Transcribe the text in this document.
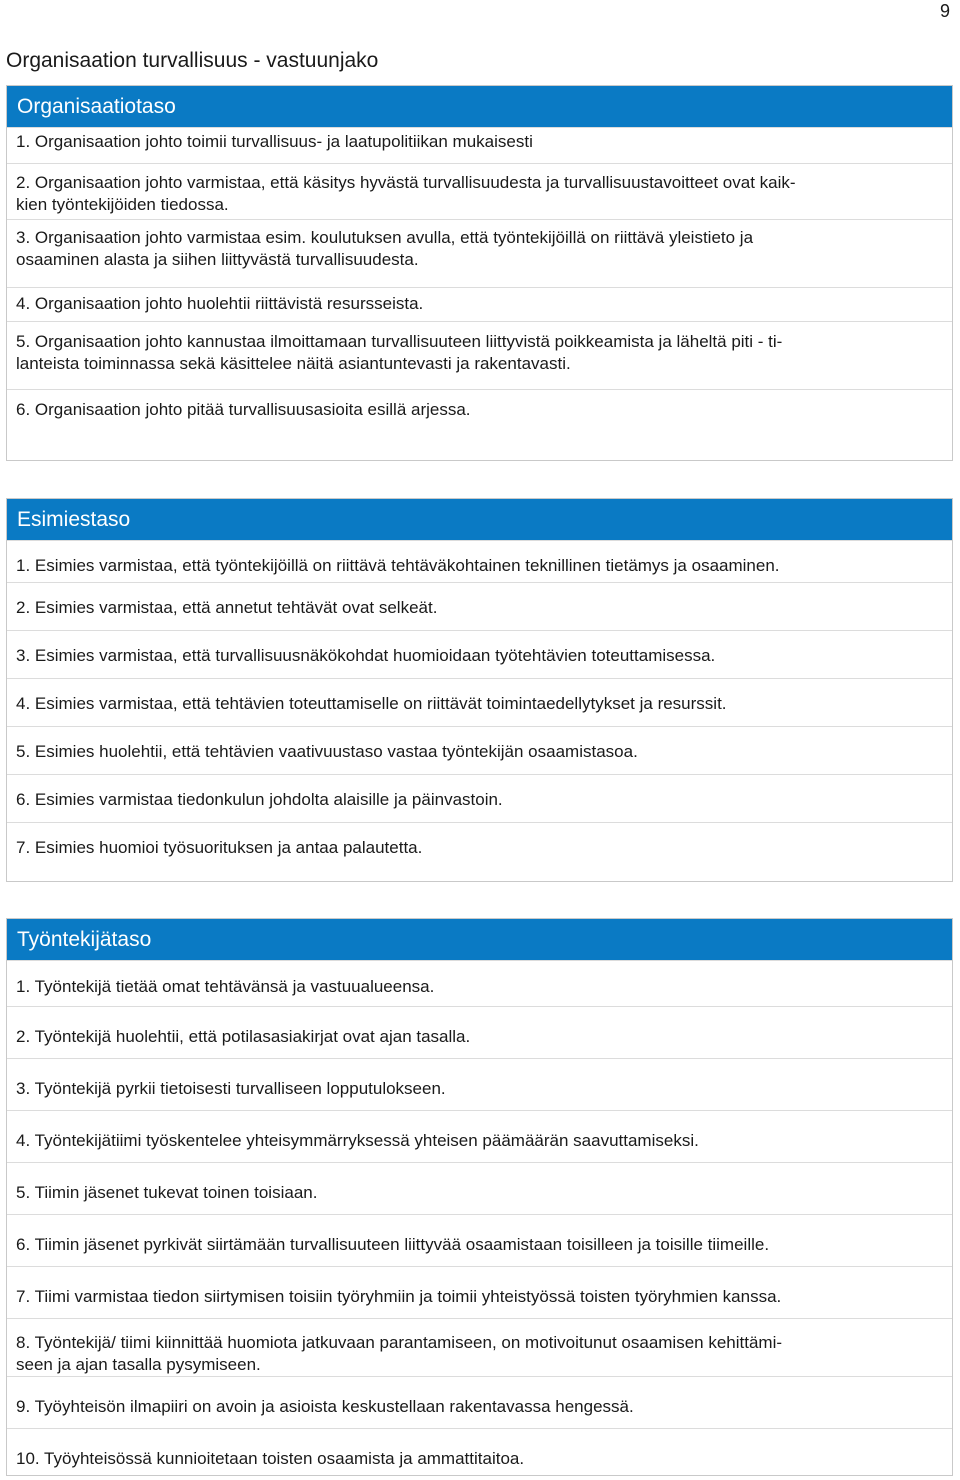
9
Organisaation turvallisuus - vastuunjako
Organisaatiotaso
1. Organisaation johto toimii turvallisuus- ja laatupolitiikan mukaisesti
2. Organisaation johto varmistaa, että käsitys hyvästä turvallisuudesta ja turvallisuustavoitteet ovat kaik-
kien työntekijöiden tiedossa.
3. Organisaation johto varmistaa esim. koulutuksen avulla, että työntekijöillä on riittävä yleistieto ja
osaaminen alasta ja siihen liittyvästä turvallisuudesta.
4. Organisaation johto huolehtii riittävistä resursseista.
5. Organisaation johto kannustaa ilmoittamaan turvallisuuteen liittyvistä poikkeamista ja läheltä piti - ti-
lanteista toiminnassa sekä käsittelee näitä asiantuntevasti ja rakentavasti.
6. Organisaation johto pitää turvallisuusasioita esillä arjessa.
Esimiestaso
1. Esimies varmistaa, että työntekijöillä on riittävä tehtäväkohtainen teknillinen tietämys ja osaaminen.
2. Esimies varmistaa, että annetut tehtävät ovat selkeät.
3. Esimies varmistaa, että turvallisuusnäkökohdat huomioidaan työtehtävien toteuttamisessa.
4. Esimies varmistaa, että tehtävien toteuttamiselle on riittävät toimintaedellytykset ja resurssit.
5. Esimies huolehtii, että tehtävien vaativuustaso vastaa työntekijän osaamistasoa.
6. Esimies varmistaa tiedonkulun johdolta alaisille ja päinvastoin.
7. Esimies huomioi työsuorituksen ja antaa palautetta.
Työntekijätaso
1. Työntekijä tietää omat tehtävänsä ja vastuualueensa.
2. Työntekijä huolehtii, että potilasasiakirjat ovat ajan tasalla.
3. Työntekijä pyrkii tietoisesti turvalliseen lopputulokseen.
4. Työntekijätiimi työskentelee yhteisymmärryksessä yhteisen päämäärän saavuttamiseksi.
5. Tiimin jäsenet tukevat toinen toisiaan.
6. Tiimin jäsenet pyrkivät siirtämään turvallisuuteen liittyvää osaamistaan toisilleen ja toisille tiimeille.
7. Tiimi varmistaa tiedon siirtymisen toisiin työryhmiin ja toimii yhteistyössä toisten työryhmien kanssa.
8. Työntekijä/ tiimi kiinnittää huomiota jatkuvaan parantamiseen, on motivoitunut osaamisen kehittämi-
seen ja ajan tasalla pysymiseen.
9. Työyhteisön ilmapiiri on avoin ja asioista keskustellaan rakentavassa hengessä.
10. Työyhteisössä kunnioitetaan toisten osaamista ja ammattitaitoa.
